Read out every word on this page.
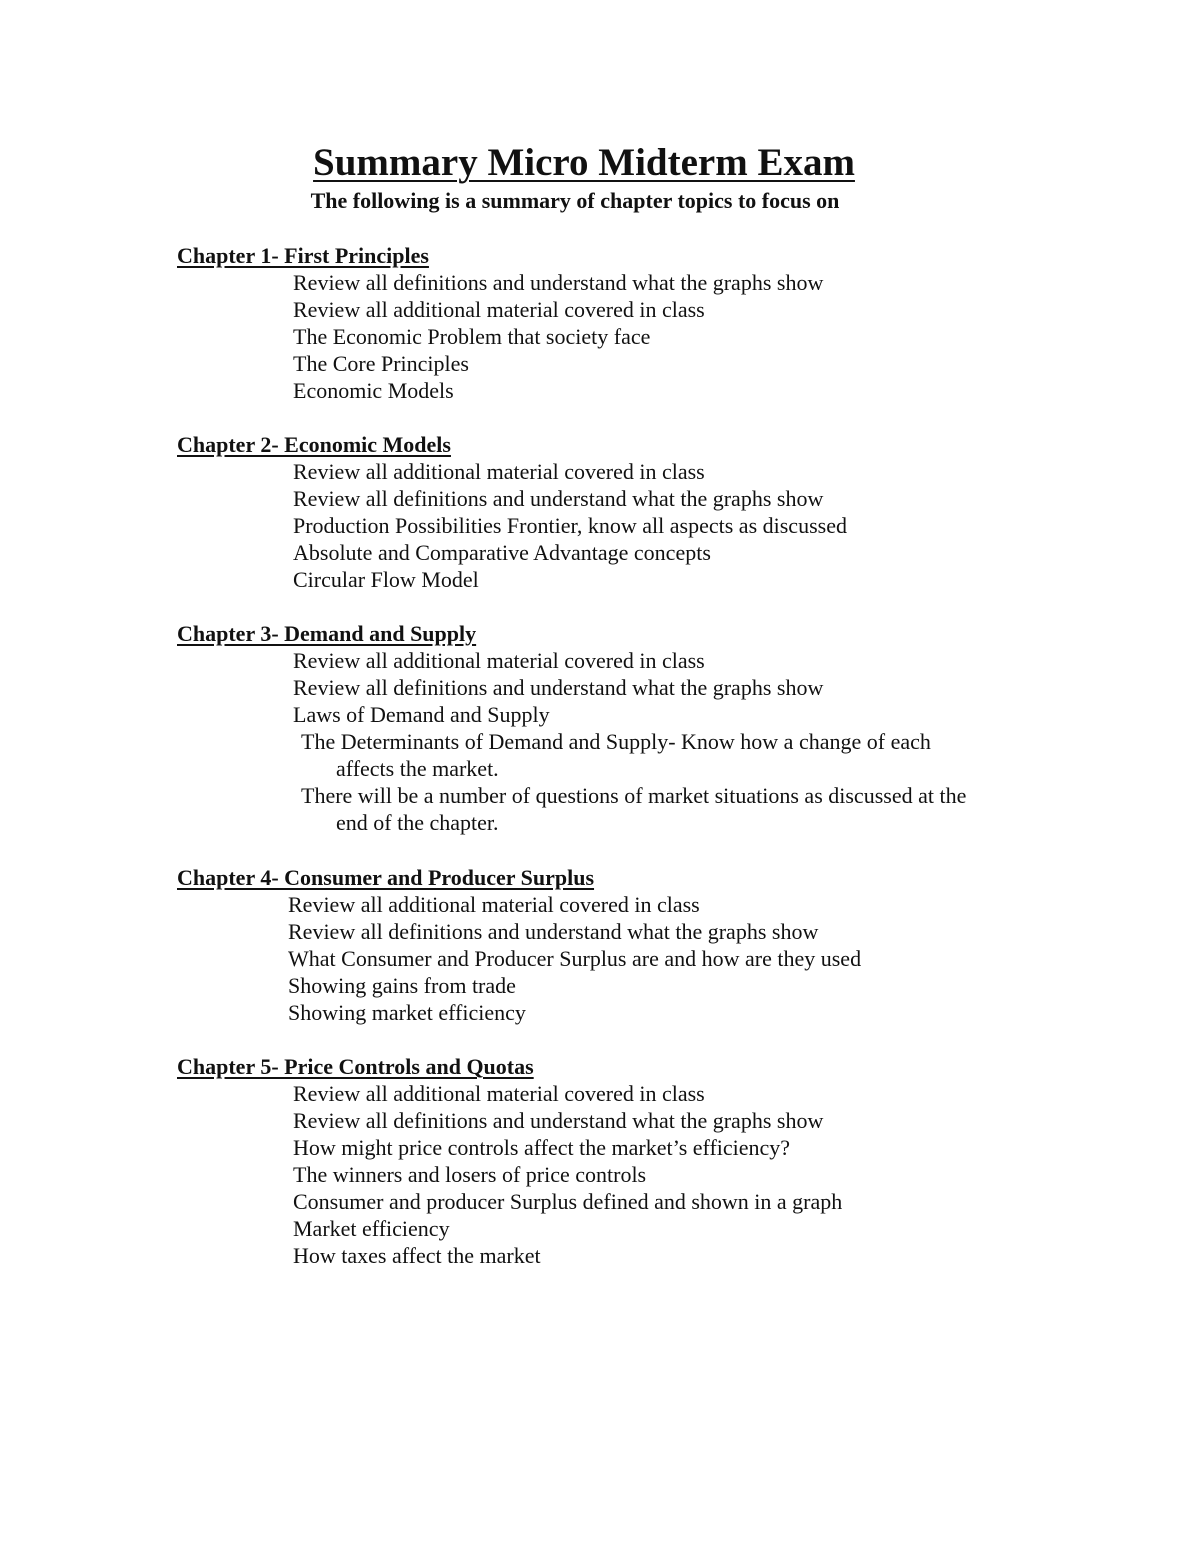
Summary Micro Midterm Exam
The following is a summary of chapter topics to focus on
Chapter 1- First Principles
Review all definitions and understand what the graphs show
Review all additional material covered in class
The Economic Problem that society face
The Core Principles
Economic Models
Chapter 2- Economic Models
Review all additional material covered in class
Review all definitions and understand what the graphs show
Production Possibilities Frontier, know all aspects as discussed
Absolute and Comparative Advantage concepts
Circular Flow Model
Chapter 3- Demand and Supply
Review all additional material covered in class
Review all definitions and understand what the graphs show
Laws of Demand and Supply
The Determinants of Demand and Supply- Know how a change of each
affects the market.
There will be a number of questions of market situations as discussed at the
end of the chapter.
Chapter 4- Consumer and Producer Surplus
Review all additional material covered in class
Review all definitions and understand what the graphs show
What Consumer and Producer Surplus are and how are they used
Showing gains from trade
Showing market efficiency
Chapter 5- Price Controls and Quotas
Review all additional material covered in class
Review all definitions and understand what the graphs show
How might price controls affect the market’s efficiency?
The winners and losers of price controls
Consumer and producer Surplus defined and shown in a graph
Market efficiency
How taxes affect the market
